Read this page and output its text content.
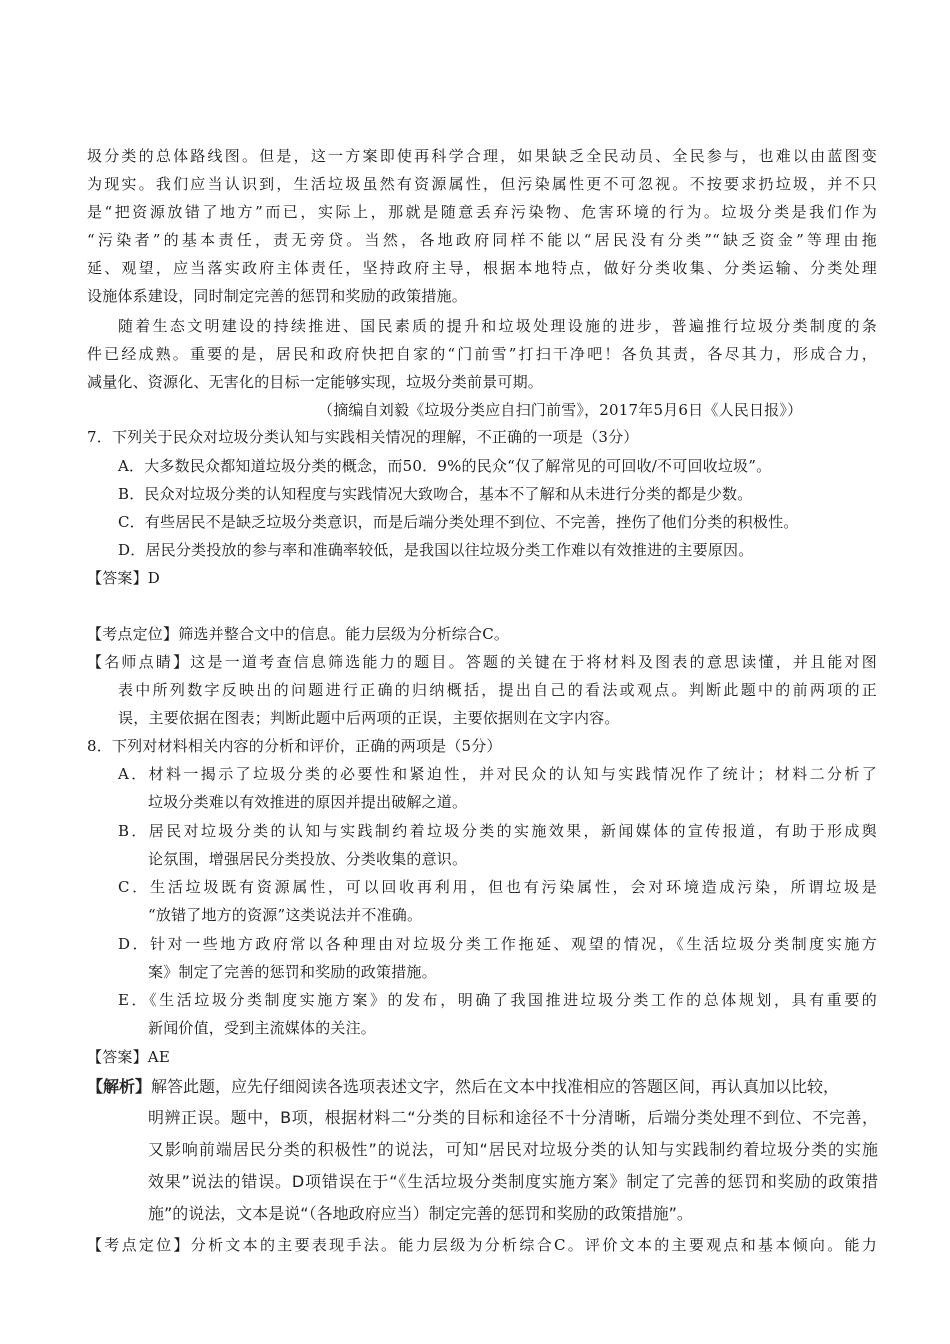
圾分类的总体路线图。但是，这一方案即使再科学合理，如果缺乏全民动员、全民参与，也难以由蓝图变
为现实。我们应当认识到，生活垃圾虽然有资源属性，但污染属性更不可忽视。不按要求扔垃圾，并不只
是“把资源放错了地方”而已，实际上，那就是随意丢弃污染物、危害环境的行为。垃圾分类是我们作为
“污染者”的基本责任，责无旁贷。当然，各地政府同样不能以“居民没有分类”“缺乏资金”等理由拖
延、观望，应当落实政府主体责任，坚持政府主导，根据本地特点，做好分类收集、分类运输、分类处理
设施体系建设，同时制定完善的惩罚和奖励的政策措施。
随着生态文明建设的持续推进、国民素质的提升和垃圾处理设施的进步，普遍推行垃圾分类制度的条
件已经成熟。重要的是，居民和政府快把自家的“门前雪”打扫干净吧！各负其责，各尽其力，形成合力，
减量化、资源化、无害化的目标一定能够实现，垃圾分类前景可期。
（摘编自刘毅《垃圾分类应自扫门前雪》，2017年5月6日《人民日报》）
7．下列关于民众对垃圾分类认知与实践相关情况的理解，不正确的一项是（3分）
A．大多数民众都知道垃圾分类的概念，而50．9%的民众“仅了解常见的可回收/不可回收垃圾”。
B．民众对垃圾分类的认知程度与实践情况大致吻合，基本不了解和从未进行分类的都是少数。
C．有些居民不是缺乏垃圾分类意识，而是后端分类处理不到位、不完善，挫伤了他们分类的积极性。
D．居民分类投放的参与率和准确率较低，是我国以往垃圾分类工作难以有效推进的主要原因。
【答案】D
【考点定位】筛选并整合文中的信息。能力层级为分析综合C。
【名师点睛】这是一道考查信息筛选能力的题目。答题的关键在于将材料及图表的意思读懂，并且能对图
表中所列数字反映出的问题进行正确的归纳概括，提出自己的看法或观点。判断此题中的前两项的正
误，主要依据在图表；判断此题中后两项的正误，主要依据则在文字内容。
8．下列对材料相关内容的分析和评价，正确的两项是（5分）
A．材料一揭示了垃圾分类的必要性和紧迫性，并对民众的认知与实践情况作了统计；材料二分析了
垃圾分类难以有效推进的原因并提出破解之道。
B．居民对垃圾分类的认知与实践制约着垃圾分类的实施效果，新闻媒体的宣传报道，有助于形成舆
论氛围，增强居民分类投放、分类收集的意识。
C．生活垃圾既有资源属性，可以回收再利用，但也有污染属性，会对环境造成污染，所谓垃圾是
“放错了地方的资源”这类说法并不准确。
D．针对一些地方政府常以各种理由对垃圾分类工作拖延、观望的情况，《生活垃圾分类制度实施方
案》制定了完善的惩罚和奖励的政策措施。
E．《生活垃圾分类制度实施方案》的发布，明确了我国推进垃圾分类工作的总体规划，具有重要的
新闻价值，受到主流媒体的关注。
【答案】AE
【解析】解答此题，应先仔细阅读各选项表述文字，然后在文本中找准相应的答题区间，再认真加以比较，
明辨正误。题中，B项，根据材料二“分类的目标和途径不十分清晰，后端分类处理不到位、不完善，
又影响前端居民分类的积极性”的说法，可知“居民对垃圾分类的认知与实践制约着垃圾分类的实施
效果”说法的错误。D项错误在于“《生活垃圾分类制度实施方案》制定了完善的惩罚和奖励的政策措
施”的说法，文本是说“（各地政府应当）制定完善的惩罚和奖励的政策措施”。
【考点定位】分析文本的主要表现手法。能力层级为分析综合C。评价文本的主要观点和基本倾向。能力
